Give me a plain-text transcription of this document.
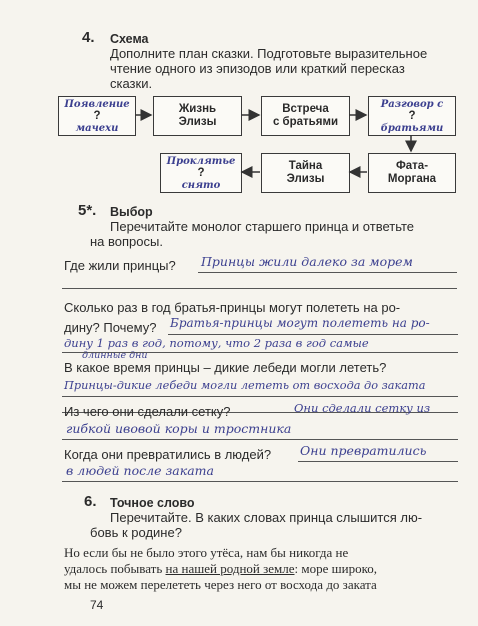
4. Схема
Дополните план сказки. Подготовьте выразительное
чтение одного из эпизодов или краткий пересказ
сказки.
Появление
?
мачехи
Жизнь
Элизы
Встреча
с братьями
Разговор с
?
братьями
Фата-
Моргана
Тайна
Элизы
Проклятье
?
снято
5*. Выбор
Перечитайте монолог старшего принца и ответьте
на вопросы.
Где жили принцы? Принцы жили далеко за морем
Сколько раз в год братья-принцы могут полететь на ро-
дину? Почему? Братья-принцы могут полететь на ро-
дину 1 раз в год, потому, что 2 раза в год самые
длинные дни
В какое время принцы – дикие лебеди могли лететь?
Принцы-дикие лебеди могли лететь от восхода до заката
Из чего они сделали сетку?	Они сделали сетку из
гибкой ивовой коры и тростника
Когда они превратились в людей? Они превратились
в людей после заката
6. Точное слово
Перечитайте. В каких словах принца слышится лю-
бовь к родине?
Но если бы не было этого утёса, нам бы никогда не
удалось побывать на нашей родной земле: море широко,
мы не можем перелететь через него от восхода до заката
74
